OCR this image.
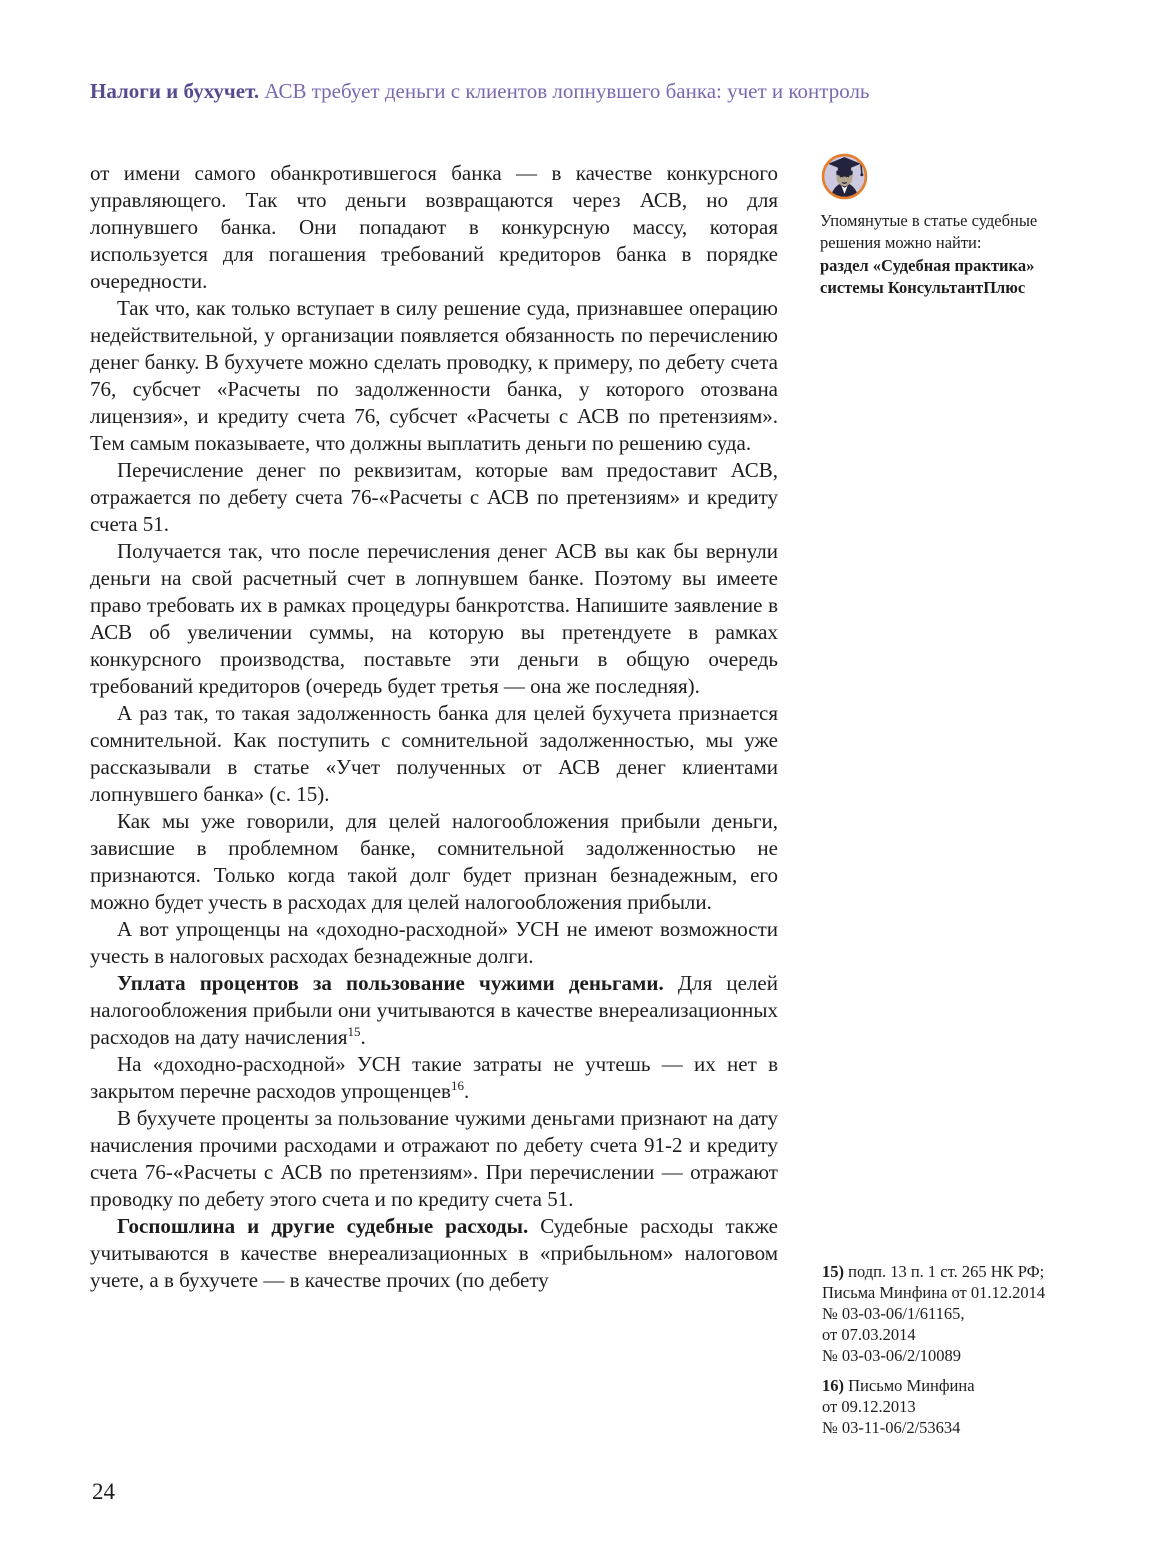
Налоги и бухучет. АСВ требует деньги с клиентов лопнувшего банка: учет и контроль

от имени самого обанкротившегося банка — в качестве конкурсного управляющего. Так что деньги возвращаются через АСВ, но для лопнувшего банка. Они попадают в конкурсную массу, которая используется для погашения требований кредиторов банка в порядке очередности.

Так что, как только вступает в силу решение суда, признавшее операцию недействительной, у организации появляется обязанность по перечислению денег банку. В бухучете можно сделать проводку, к примеру, по дебету счета 76, субсчет «Расчеты по задолженности банка, у которого отозвана лицензия», и кредиту счета 76, субсчет «Расчеты с АСВ по претензиям». Тем самым показываете, что должны выплатить деньги по решению суда.

Перечисление денег по реквизитам, которые вам предоставит АСВ, отражается по дебету счета 76-«Расчеты с АСВ по претензиям» и кредиту счета 51.

Получается так, что после перечисления денег АСВ вы как бы вернули деньги на свой расчетный счет в лопнувшем банке. Поэтому вы имеете право требовать их в рамках процедуры банкротства. Напишите заявление в АСВ об увеличении суммы, на которую вы претендуете в рамках конкурсного производства, поставьте эти деньги в общую очередь требований кредиторов (очередь будет третья — она же последняя).

А раз так, то такая задолженность банка для целей бухучета признается сомнительной. Как поступить с сомнительной задолженностью, мы уже рассказывали в статье «Учет полученных от АСВ денег клиентами лопнувшего банка» (с. 15).

Как мы уже говорили, для целей налогообложения прибыли деньги, зависшие в проблемном банке, сомнительной задолженностью не признаются. Только когда такой долг будет признан безнадежным, его можно будет учесть в расходах для целей налогообложения прибыли.

А вот упрощенцы на «доходно-расходной» УСН не имеют возможности учесть в налоговых расходах безнадежные долги.

Уплата процентов за пользование чужими деньгами. Для целей налогообложения прибыли они учитываются в качестве внереализационных расходов на дату начисления$^{15}$.

На «доходно-расходной» УСН такие затраты не учтешь — их нет в закрытом перечне расходов упрощенцев$^{16}$.

В бухучете проценты за пользование чужими деньгами признают на дату начисления прочими расходами и отражают по дебету счета 91-2 и кредиту счета 76-«Расчеты с АСВ по претензиям». При перечислении — отражают проводку по дебету этого счета и по кредиту счета 51.

Госпошлина и другие судебные расходы. Судебные расходы также учитываются в качестве внереализационных в «прибыльном» налоговом учете, а в бухучете — в качестве прочих (по дебету

Упомянутые в статье судебные решения можно найти:

раздел «Судебная практика» системы КонсультантПлюс

15) подп. 13 п. 1 ст. 265 НК РФ;
Письма Минфина от 01.12.2014
№ 03-03-06/1/61165,
от 07.03.2014
№ 03-03-06/2/10089
16) Письмо Минфина
от 09.12.2013
№ 03-11-06/2/53634
24
